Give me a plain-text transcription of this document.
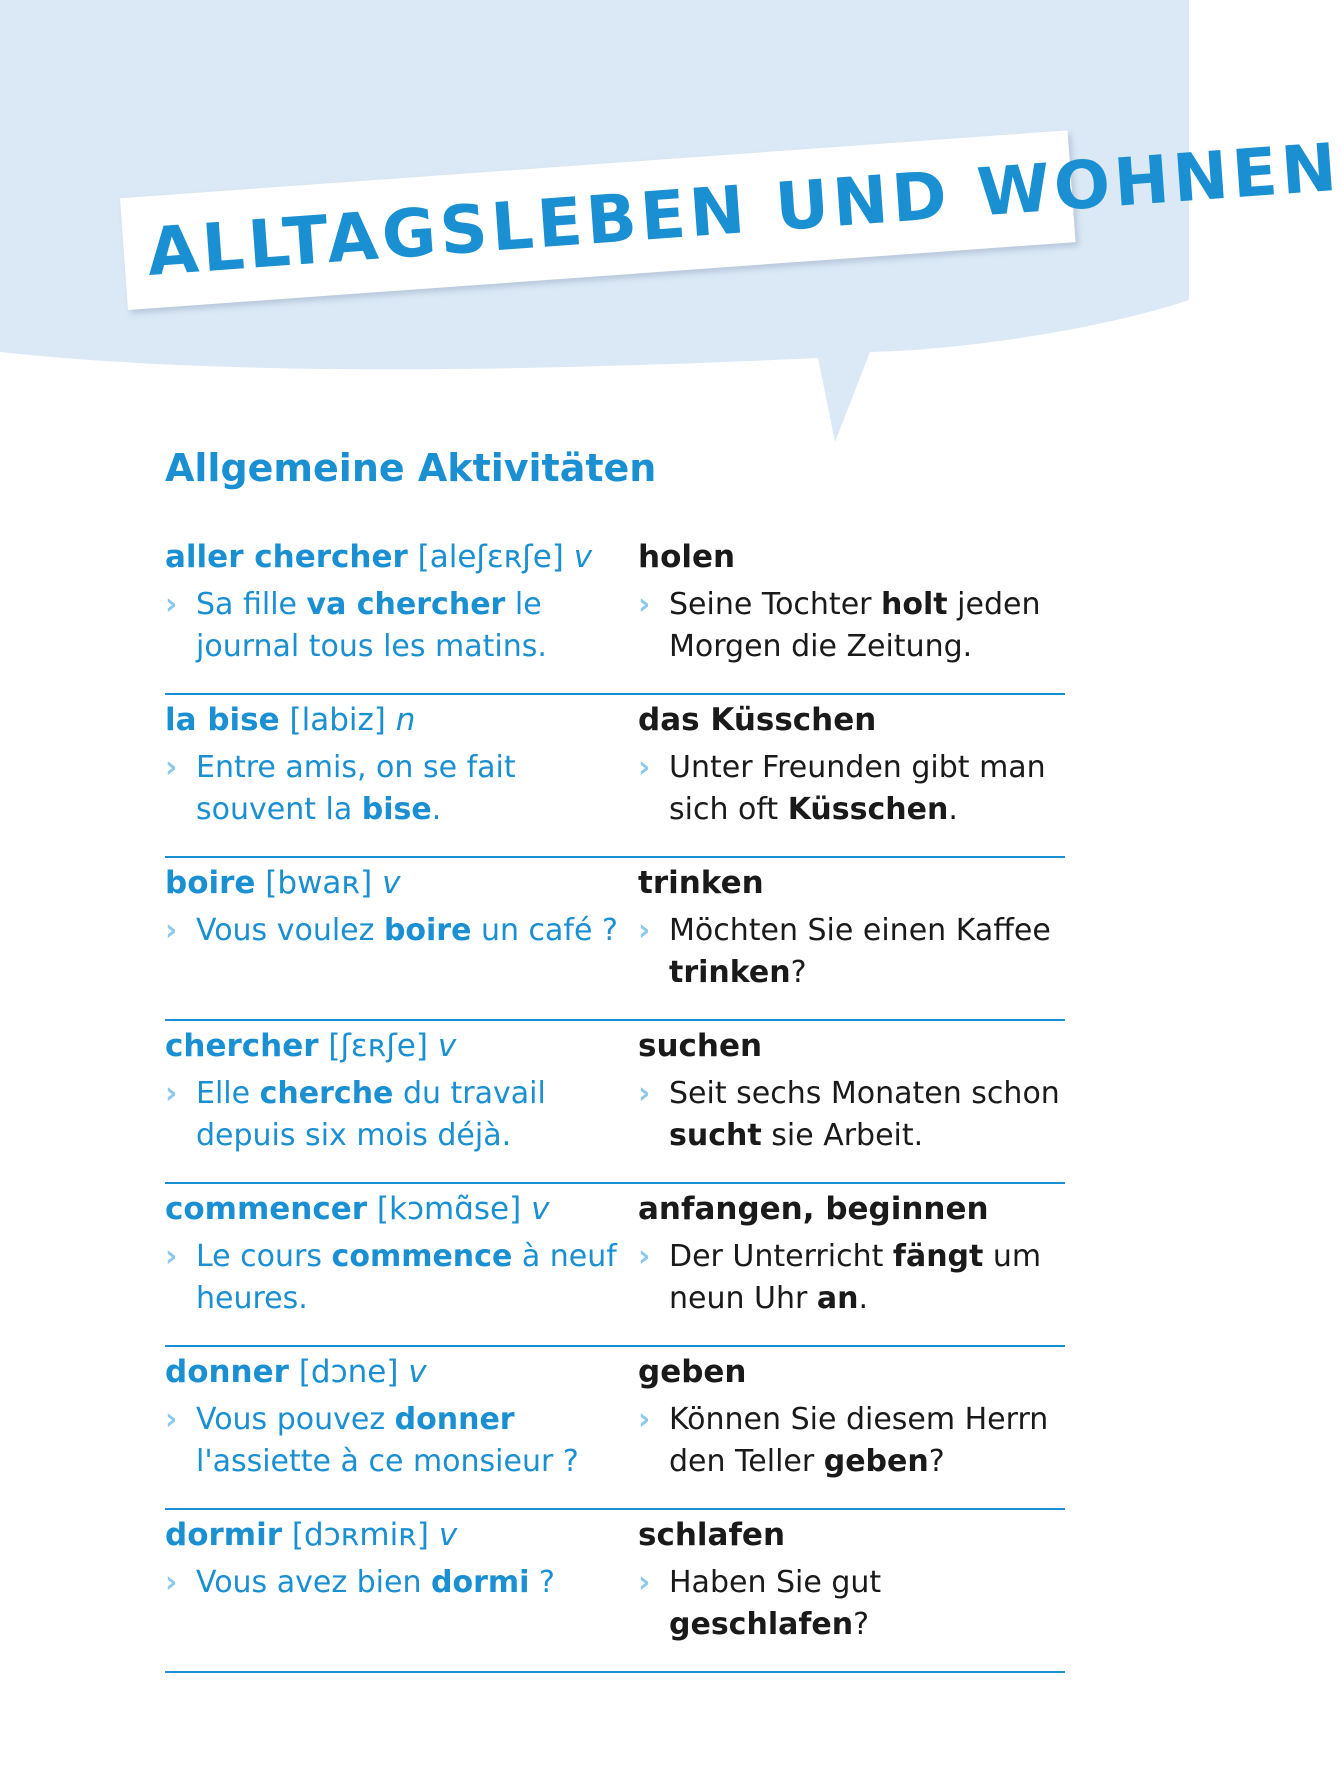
ALLTAGSLEBEN UND WOHNEN
Allgemeine Aktivitäten
aller chercher [aleʃɛʀʃe] v
› Sa fille va chercher le journal tous les matins.
holen
› Seine Tochter holt jeden Morgen die Zeitung.
la bise [labiz] n
› Entre amis, on se fait souvent la bise.
das Küsschen
› Unter Freunden gibt man sich oft Küsschen.
boire [bwaʀ] v
› Vous voulez boire un café ?
trinken
› Möchten Sie einen Kaffee trinken?
chercher [ʃɛʀʃe] v
› Elle cherche du travail depuis six mois déjà.
suchen
› Seit sechs Monaten schon sucht sie Arbeit.
commencer [kɔmɑ̃se] v
› Le cours commence à neuf heures.
anfangen, beginnen
› Der Unterricht fängt um neun Uhr an.
donner [dɔne] v
› Vous pouvez donner l'assiette à ce monsieur ?
geben
› Können Sie diesem Herrn den Teller geben?
dormir [dɔʀmiʀ] v
› Vous avez bien dormi ?
schlafen
› Haben Sie gut geschlafen?
